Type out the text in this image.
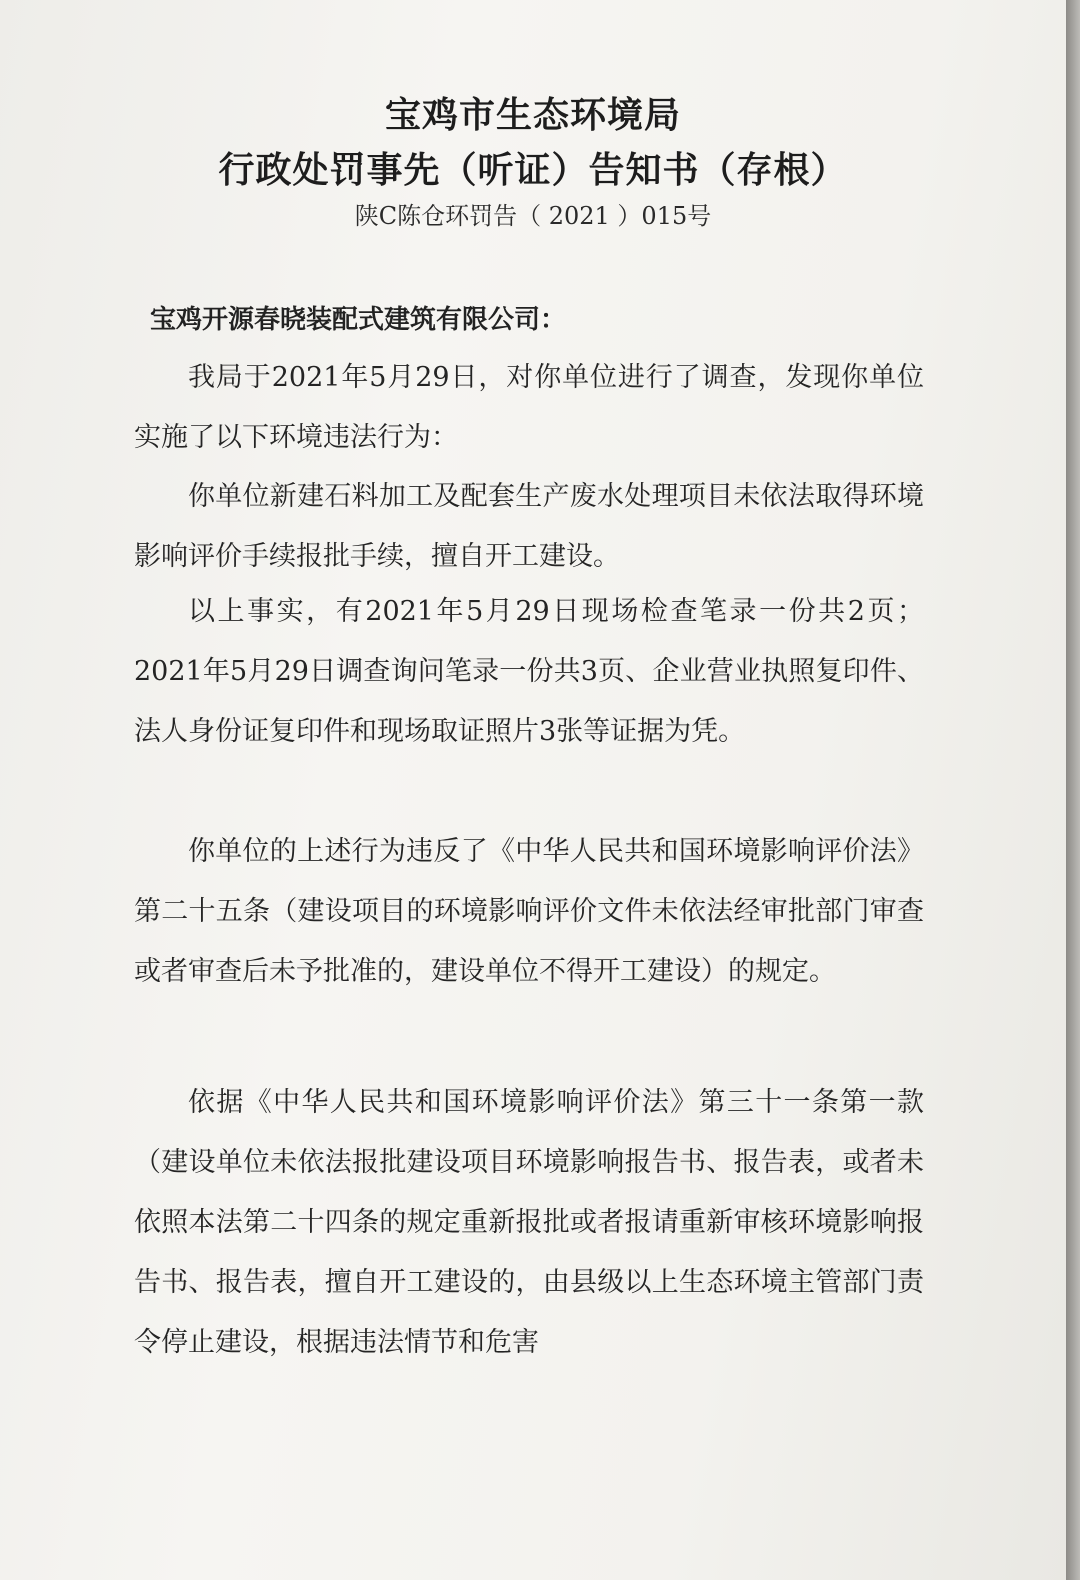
宝鸡市生态环境局
行政处罚事先（听证）告知书（存根）
陕C陈仓环罚告（ 2021 ）015号
宝鸡开源春晓装配式建筑有限公司：

我局于2021年5月29日，对你单位进行了调查，发现你单位实施了以下环境违法行为：

你单位新建石料加工及配套生产废水处理项目未依法取得环境影响评价手续报批手续，擅自开工建设。

以上事实，有2021年5月29日现场检查笔录一份共2页；2021年5月29日调查询问笔录一份共3页、企业营业执照复印件、法人身份证复印件和现场取证照片3张等证据为凭。

你单位的上述行为违反了《中华人民共和国环境影响评价法》第二十五条（建设项目的环境影响评价文件未依法经审批部门审查或者审查后未予批准的，建设单位不得开工建设）的规定。

依据《中华人民共和国环境影响评价法》第三十一条第一款（建设单位未依法报批建设项目环境影响报告书、报告表，或者未依照本法第二十四条的规定重新报批或者报请重新审核环境影响报告书、报告表，擅自开工建设的，由县级以上生态环境主管部门责令停止建设，根据违法情节和危害
